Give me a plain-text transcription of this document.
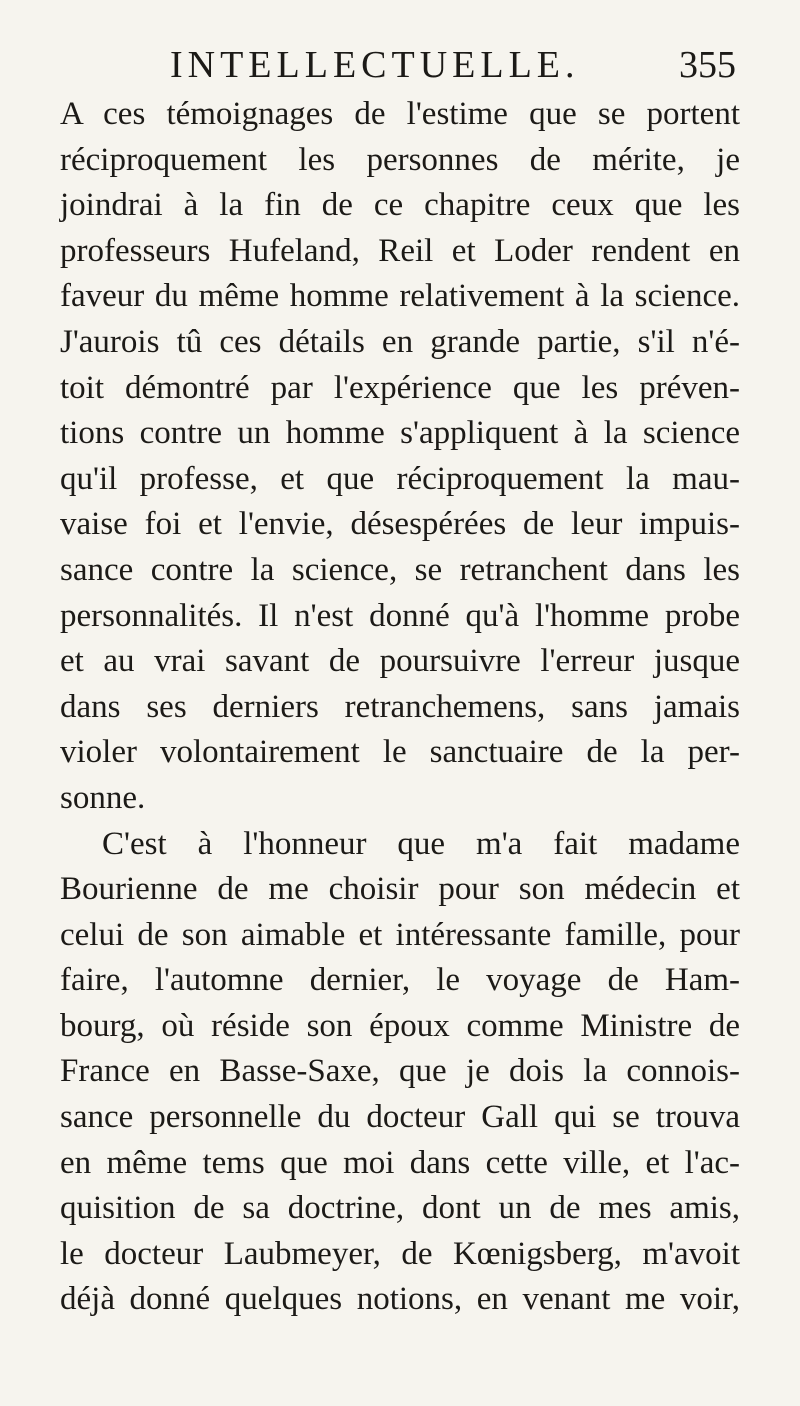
INTELLECTUELLE.	355
A ces témoignages de l'estime que se portent
réciproquement les personnes de mérite, je
joindrai à la fin de ce chapitre ceux que les
professeurs Hufeland, Reil et Loder rendent en
faveur du même homme relativement à la science.
J'aurois tû ces détails en grande partie, s'il n'é-
toit démontré par l'expérience que les préven-
tions contre un homme s'appliquent à la science
qu'il professe, et que réciproquement la mau-
vaise foi et l'envie, désespérées de leur impuis-
sance contre la science, se retranchent dans les
personnalités. Il n'est donné qu'à l'homme probe
et au vrai savant de poursuivre l'erreur jusque
dans ses derniers retranchemens, sans jamais
violer volontairement le sanctuaire de la per-
sonne.
C'est à l'honneur que m'a fait madame
Bourienne de me choisir pour son médecin et
celui de son aimable et intéressante famille, pour
faire, l'automne dernier, le voyage de Ham-
bourg, où réside son époux comme Ministre de
France en Basse-Saxe, que je dois la connois-
sance personnelle du docteur Gall qui se trouva
en même tems que moi dans cette ville, et l'ac-
quisition de sa doctrine, dont un de mes amis,
le docteur Laubmeyer, de Kœnigsberg, m'avoit
déjà donné quelques notions, en venant me voir,
